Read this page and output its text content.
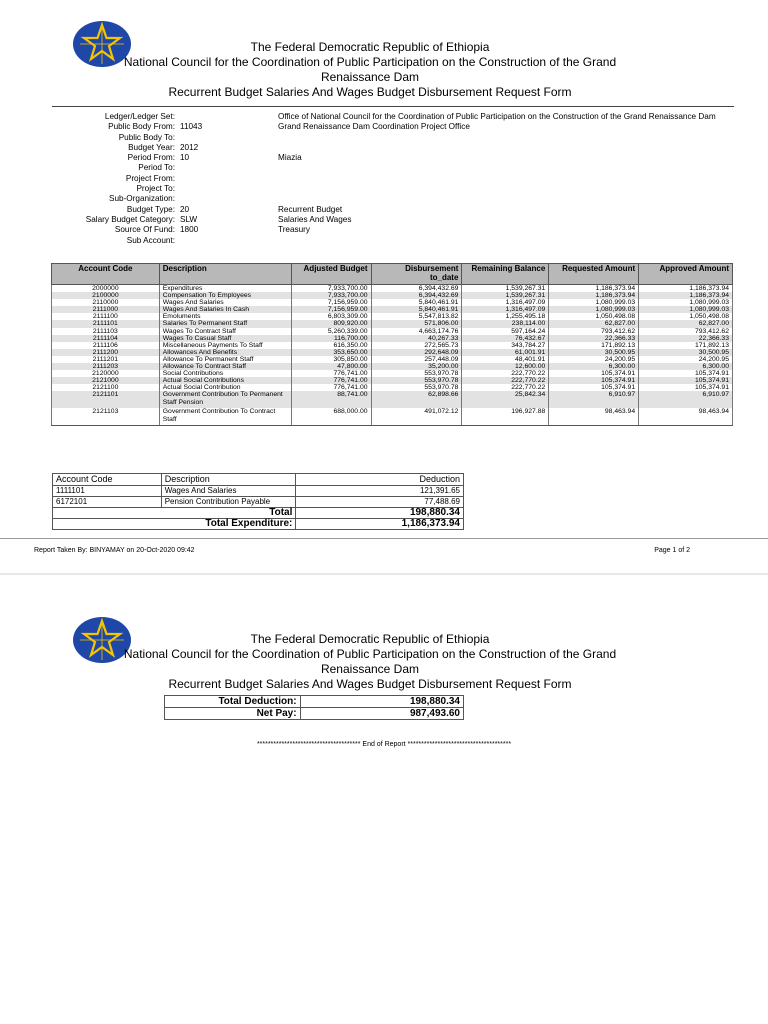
The Federal Democratic Republic of Ethiopia
National Council for the Coordination of Public Participation on the Construction of the Grand
Renaissance Dam
Recurrent Budget Salaries And Wages Budget Disbursement Request Form
Ledger/Ledger Set:	Office of National Council for the Coordination of Public Participation on the Construction of the Grand Renaissance Dam
Public Body From: 11043	Grand Renaissance Dam Coordination Project Office
Public Body To:
Budget Year: 2012
Period From: 10	Miazia
Period To:
Project From:
Project To:
Sub-Organization:
Budget Type: 20	Recurrent Budget
Salary Budget Category: SLW	Salaries And Wages
Source Of Fund: 1800	Treasury
Sub Account:
Account Code	Description	Adjusted Budget	Disbursement to_date	Remaining Balance	Requested Amount	Approved Amount
2000000	Expenditures	7,933,700.00	6,394,432.69	1,539,267.31	1,186,373.94	1,186,373.94
2100000	Compensation To Employees	7,933,700.00	6,394,432.69	1,539,267.31	1,186,373.94	1,186,373.94
2110000	Wages And Salaries	7,156,959.00	5,840,461.91	1,316,497.09	1,080,999.03	1,080,999.03
2111000	Wages And Salaries In Cash	7,156,959.00	5,840,461.91	1,316,497.09	1,080,999.03	1,080,999.03
2111100	Emoluments	6,803,309.00	5,547,813.82	1,255,495.18	1,050,498.08	1,050,498.08
2111101	Salaries To Permanent Staff	809,920.00	571,806.00	238,114.00	62,827.00	62,827.00
2111103	Wages To Contract Staff	5,260,339.00	4,663,174.76	597,164.24	793,412.62	793,412.62
2111104	Wages To Casual Staff	116,700.00	40,267.33	76,432.67	22,366.33	22,366.33
2111106	Miscellaneous Payments To Staff	616,350.00	272,565.73	343,784.27	171,892.13	171,892.13
2111200	Allowances And Benefits	353,650.00	292,648.09	61,001.91	30,500.95	30,500.95
2111201	Allowance To Permanent Staff	305,850.00	257,448.09	48,401.91	24,200.95	24,200.95
2111203	Allowance To Contract Staff	47,800.00	35,200.00	12,600.00	6,300.00	6,300.00
2120000	Social Contributions	776,741.00	553,970.78	222,770.22	105,374.91	105,374.91
2121000	Actual Social Contributions	776,741.00	553,970.78	222,770.22	105,374.91	105,374.91
2121100	Actual Social Contribution	776,741.00	553,970.78	222,770.22	105,374.91	105,374.91
2121101	Government Contribution To Permanent Staff Pension	88,741.00	62,898.66	25,842.34	6,910.97	6,910.97
2121103	Government Contribution To Contract Staff	688,000.00	491,072.12	196,927.88	98,463.94	98,463.94
Account Code	Description	Deduction
1111101	Wages And Salaries	121,391.65
6172101	Pension Contribution Payable	77,488.69
Total		198,880.34
Total Expenditure:		1,186,373.94
Report Taken By: BINYAMAY on 20-Oct-2020 09:42	Page 1 of 2
The Federal Democratic Republic of Ethiopia
National Council for the Coordination of Public Participation on the Construction of the Grand
Renaissance Dam
Recurrent Budget Salaries And Wages Budget Disbursement Request Form
Total Deduction:	198,880.34
Net Pay:	987,493.60
************************************** End of Report **************************************
